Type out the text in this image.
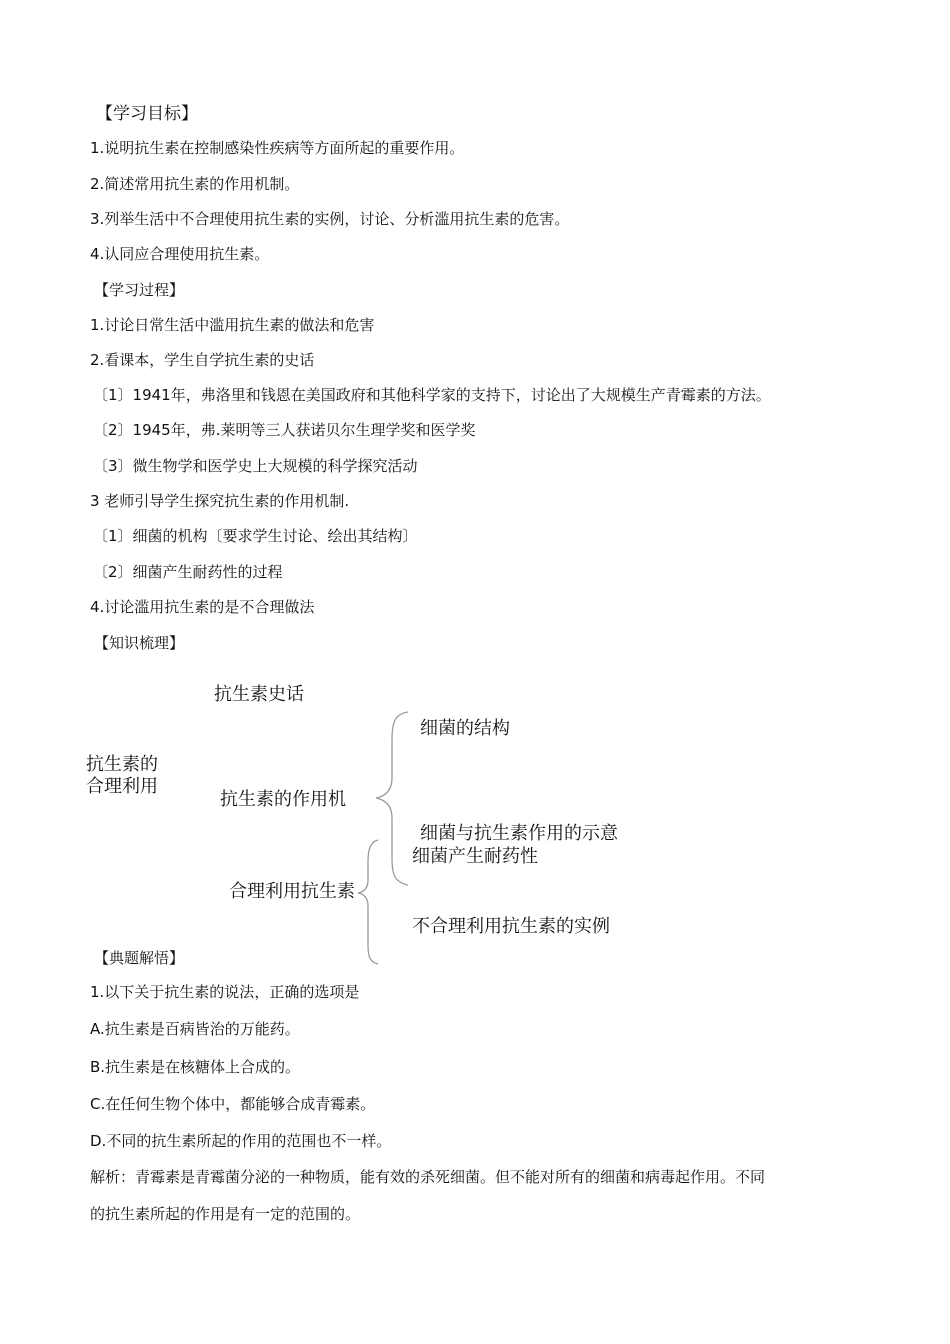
【学习目标】
1.说明抗生素在控制感染性疾病等方面所起的重要作用。
2.简述常用抗生素的作用机制。
3.列举生活中不合理使用抗生素的实例，讨论、分析滥用抗生素的危害。
4.认同应合理使用抗生素。
【学习过程】
1.讨论日常生活中滥用抗生素的做法和危害
2.看课本，学生自学抗生素的史话
〔1〕1941年，弗洛里和钱恩在美国政府和其他科学家的支持下，讨论出了大规模生产青霉素的方法。
〔2〕1945年，弗.莱明等三人获诺贝尔生理学奖和医学奖
〔3〕微生物学和医学史上大规模的科学探究活动
3 老师引导学生探究抗生素的作用机制.
〔1〕细菌的机构〔要求学生讨论、绘出其结构〕
〔2〕细菌产生耐药性的过程
4.讨论滥用抗生素的是不合理做法
【知识梳理】
抗生素史话
抗生素的
合理利用
细菌的结构
抗生素的作用机
细菌与抗生素作用的示意
细菌产生耐药性
合理利用抗生素
不合理利用抗生素的实例
【典题解悟】
1.以下关于抗生素的说法，正确的选项是
A.抗生素是百病皆治的万能药。
B.抗生素是在核糖体上合成的。
C.在任何生物个体中，都能够合成青霉素。
D.不同的抗生素所起的作用的范围也不一样。
解析：青霉素是青霉菌分泌的一种物质，能有效的杀死细菌。但不能对所有的细菌和病毒起作用。不同
的抗生素所起的作用是有一定的范围的。
